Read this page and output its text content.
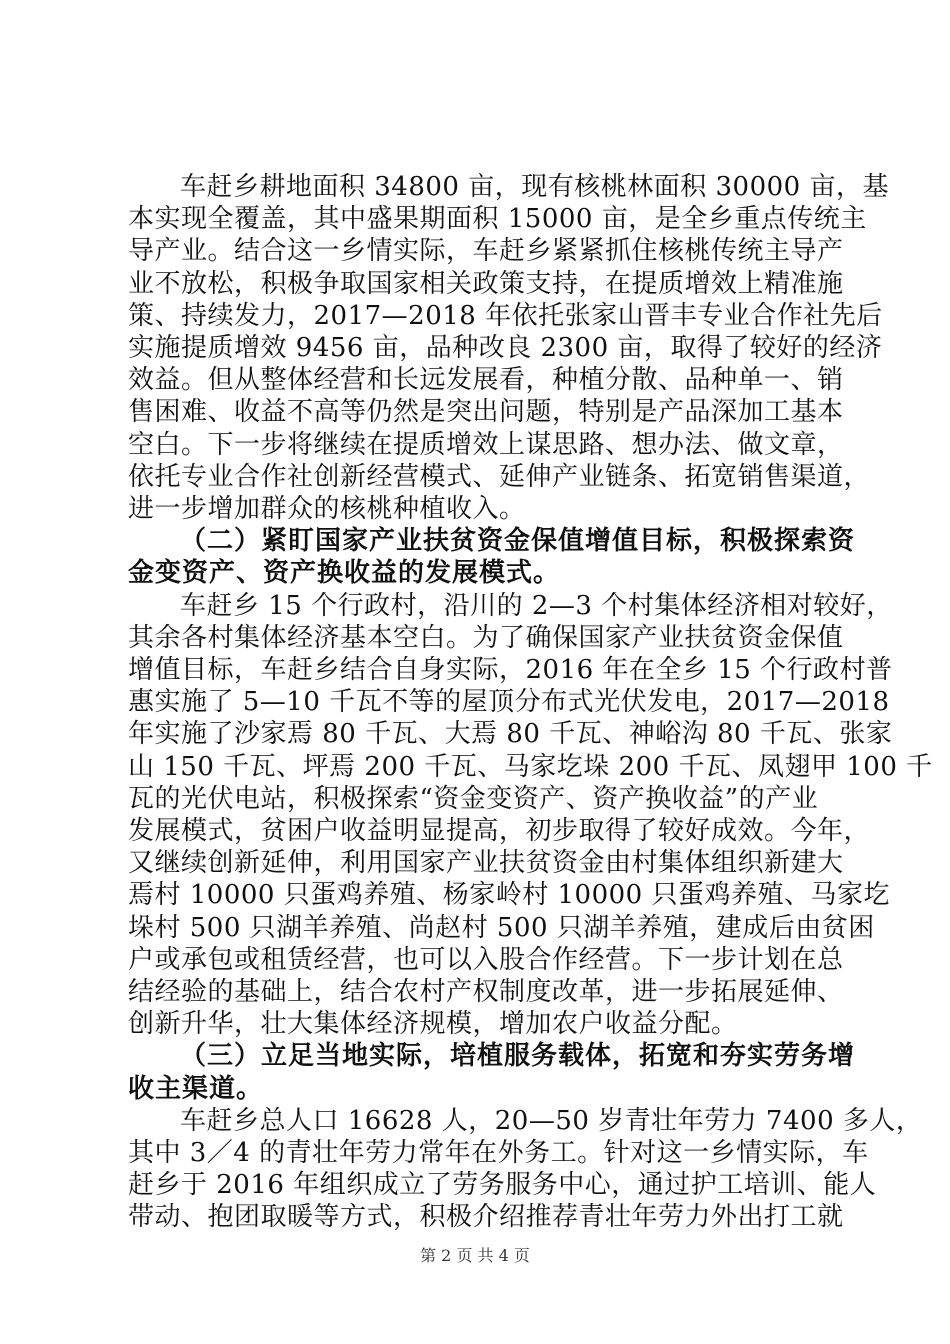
车赶乡耕地面积 34800 亩，现有核桃林面积 30000 亩，基
本实现全覆盖，其中盛果期面积 15000 亩，是全乡重点传统主
导产业。结合这一乡情实际，车赶乡紧紧抓住核桃传统主导产
业不放松，积极争取国家相关政策支持，在提质增效上精准施
策、持续发力，2017—2018 年依托张家山晋丰专业合作社先后
实施提质增效 9456 亩，品种改良 2300 亩，取得了较好的经济
效益。但从整体经营和长远发展看，种植分散、品种单一、销
售困难、收益不高等仍然是突出问题，特别是产品深加工基本
空白。下一步将继续在提质增效上谋思路、想办法、做文章，
依托专业合作社创新经营模式、延伸产业链条、拓宽销售渠道，
进一步增加群众的核桃种植收入。
（二）紧盯国家产业扶贫资金保值增值目标，积极探索资
金变资产、资产换收益的发展模式。
车赶乡 15 个行政村，沿川的 2—3 个村集体经济相对较好，
其余各村集体经济基本空白。为了确保国家产业扶贫资金保值
增值目标，车赶乡结合自身实际，2016 年在全乡 15 个行政村普
惠实施了 5—10 千瓦不等的屋顶分布式光伏发电，2017—2018
年实施了沙家焉 80 千瓦、大焉 80 千瓦、神峪沟 80 千瓦、张家
山 150 千瓦、坪焉 200 千瓦、马家圪垛 200 千瓦、凤翅甲 100 千
瓦的光伏电站，积极探索“资金变资产、资产换收益”的产业
发展模式，贫困户收益明显提高，初步取得了较好成效。今年，
又继续创新延伸，利用国家产业扶贫资金由村集体组织新建大
焉村 10000 只蛋鸡养殖、杨家岭村 10000 只蛋鸡养殖、马家圪
垛村 500 只湖羊养殖、尚赵村 500 只湖羊养殖，建成后由贫困
户或承包或租赁经营，也可以入股合作经营。下一步计划在总
结经验的基础上，结合农村产权制度改革，进一步拓展延伸、
创新升华，壮大集体经济规模，增加农户收益分配。
（三）立足当地实际，培植服务载体，拓宽和夯实劳务增
收主渠道。
车赶乡总人口 16628 人，20—50 岁青壮年劳力 7400 多人，
其中 3／4 的青壮年劳力常年在外务工。针对这一乡情实际，车
赶乡于 2016 年组织成立了劳务服务中心，通过护工培训、能人
带动、抱团取暖等方式，积极介绍推荐青壮年劳力外出打工就
第 2 页 共 4 页
